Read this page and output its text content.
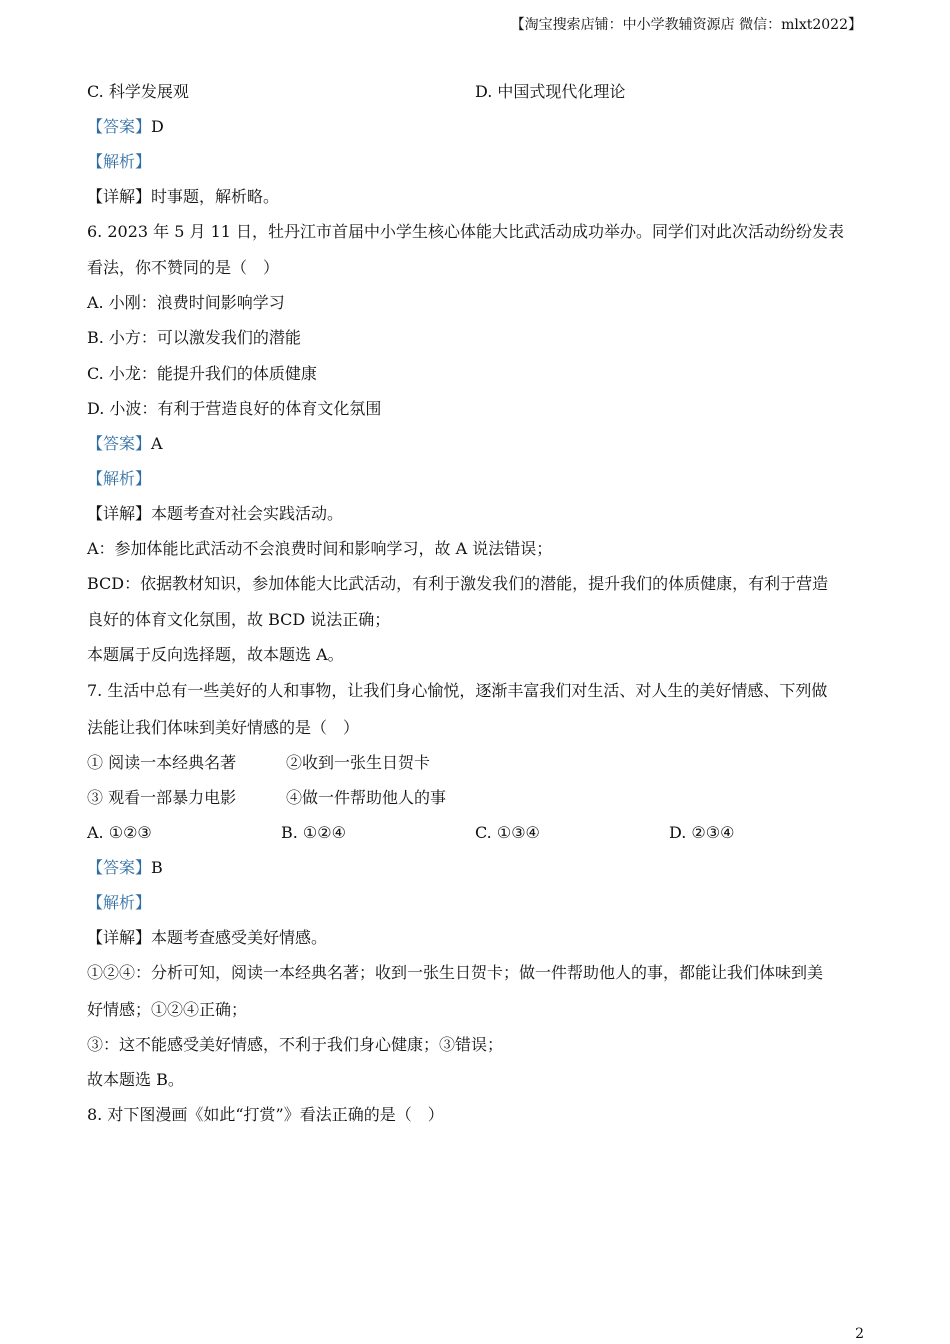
【淘宝搜索店铺：中小学教辅资源店 微信：mlxt2022】
C. 科学发展观	D. 中国式现代化理论
【答案】D
【解析】
【详解】时事题，解析略。
6. 2023 年 5 月 11 日，牡丹江市首届中小学生核心体能大比武活动成功举办。同学们对此次活动纷纷发表
看法，你不赞同的是（　）
A. 小刚：浪费时间影响学习
B. 小方：可以激发我们的潜能
C. 小龙：能提升我们的体质健康
D. 小波：有利于营造良好的体育文化氛围
【答案】A
【解析】
【详解】本题考查对社会实践活动。
A：参加体能比武活动不会浪费时间和影响学习，故 A 说法错误；
BCD：依据教材知识，参加体能大比武活动，有利于激发我们的潜能，提升我们的体质健康，有利于营造
良好的体育文化氛围，故 BCD 说法正确；
本题属于反向选择题，故本题选 A。
7. 生活中总有一些美好的人和事物，让我们身心愉悦，逐渐丰富我们对生活、对人生的美好情感、下列做
法能让我们体味到美好情感的是（　）
① 阅读一本经典名著	②收到一张生日贺卡
③ 观看一部暴力电影	④做一件帮助他人的事
A. ①②③	B. ①②④	C. ①③④	D. ②③④
【答案】B
【解析】
【详解】本题考查感受美好情感。
①②④：分析可知，阅读一本经典名著；收到一张生日贺卡；做一件帮助他人的事，都能让我们体味到美
好情感；①②④正确；
③：这不能感受美好情感，不利于我们身心健康；③错误；
故本题选 B。
8. 对下图漫画《如此“打赏”》看法正确的是（　）
2
